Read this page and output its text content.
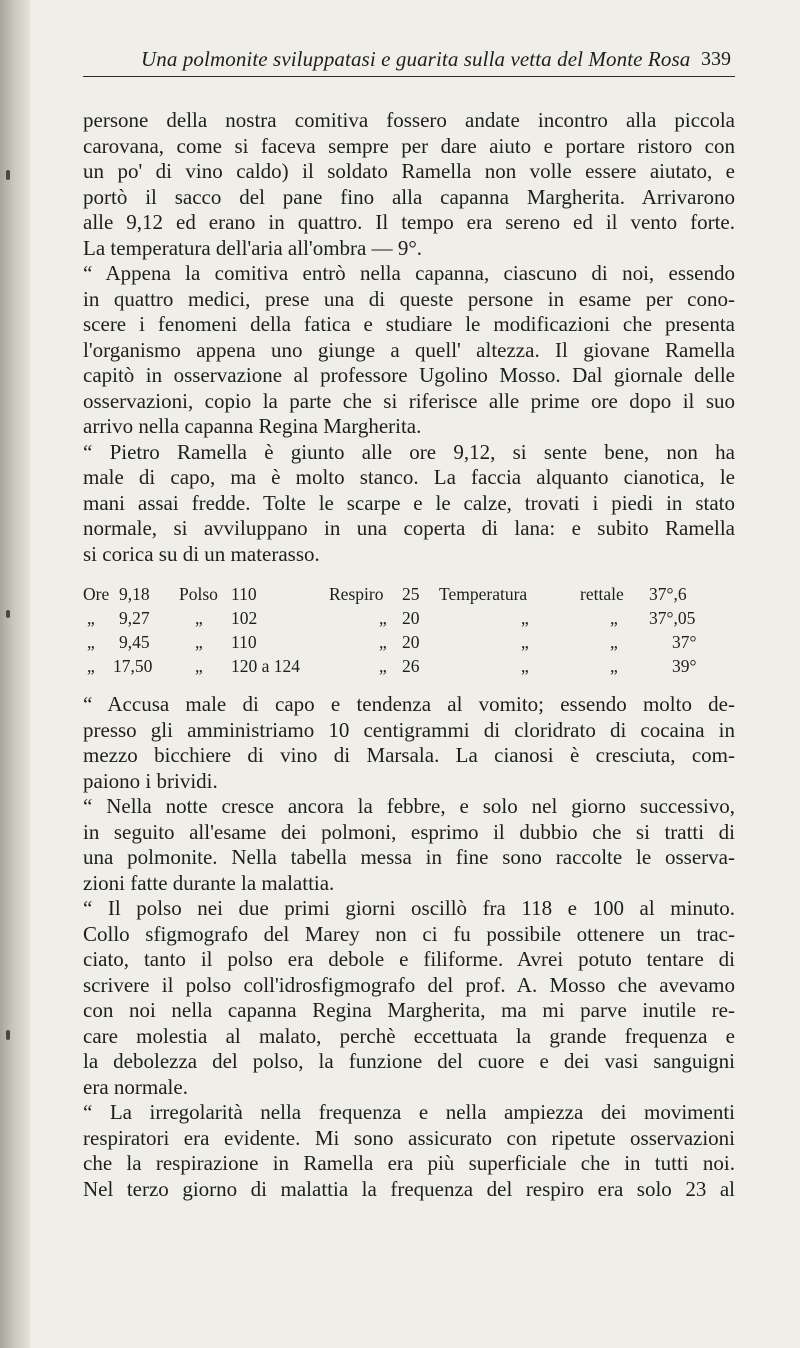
Una polmonite sviluppatasi e guarita sulla vetta del Monte Rosa 339
persone della nostra comitiva fossero andate incontro alla piccola
carovana, come si faceva sempre per dare aiuto e portare ristoro con
un po' di vino caldo) il soldato Ramella non volle essere aiutato, e
portò il sacco del pane fino alla capanna Margherita. Arrivarono
alle 9,12 ed erano in quattro. Il tempo era sereno ed il vento forte.
La temperatura dell'aria all'ombra — 9°.
“ Appena la comitiva entrò nella capanna, ciascuno di noi, essendo
in quattro medici, prese una di queste persone in esame per cono-
scere i fenomeni della fatica e studiare le modificazioni che presenta
l'organismo appena uno giunge a quell' altezza. Il giovane Ramella
capitò in osservazione al professore Ugolino Mosso. Dal giornale delle
osservazioni, copio la parte che si riferisce alle prime ore dopo il suo
arrivo nella capanna Regina Margherita.
“ Pietro Ramella è giunto alle ore 9,12, si sente bene, non ha
male di capo, ma è molto stanco. La faccia alquanto cianotica, le
mani assai fredde. Tolte le scarpe e le calze, trovati i piedi in stato
normale, si avviluppano in una coperta di lana: e subito Ramella
si corica su di un materasso.
Ore 9,18 Polso 110	Respiro 25 Temperatura	rettale 37°,6
„ 9,27	„ 102	„ 20	„	„ 37°,05
„ 9,45	„ 110	„ 20	„	„	37°
„ 17,50 „ 120 a 124	„ 26	„	„	39°
“ Accusa male di capo e tendenza al vomito; essendo molto de-
presso gli amministriamo 10 centigrammi di cloridrato di cocaina in
mezzo bicchiere di vino di Marsala. La cianosi è cresciuta, com-
paiono i brividi.
“ Nella notte cresce ancora la febbre, e solo nel giorno successivo,
in seguito all'esame dei polmoni, esprimo il dubbio che si tratti di
una polmonite. Nella tabella messa in fine sono raccolte le osserva-
zioni fatte durante la malattia.
“ Il polso nei due primi giorni oscillò fra 118 e 100 al minuto.
Collo sfigmografo del Marey non ci fu possibile ottenere un trac-
ciato, tanto il polso era debole e filiforme. Avrei potuto tentare di
scrivere il polso coll'idrosfigmografo del prof. A. Mosso che avevamo
con noi nella capanna Regina Margherita, ma mi parve inutile re-
care molestia al malato, perchè eccettuata la grande frequenza e
la debolezza del polso, la funzione del cuore e dei vasi sanguigni
era normale.
“ La irregolarità nella frequenza e nella ampiezza dei movimenti
respiratori era evidente. Mi sono assicurato con ripetute osservazioni
che la respirazione in Ramella era più superficiale che in tutti noi.
Nel terzo giorno di malattia la frequenza del respiro era solo 23 al
